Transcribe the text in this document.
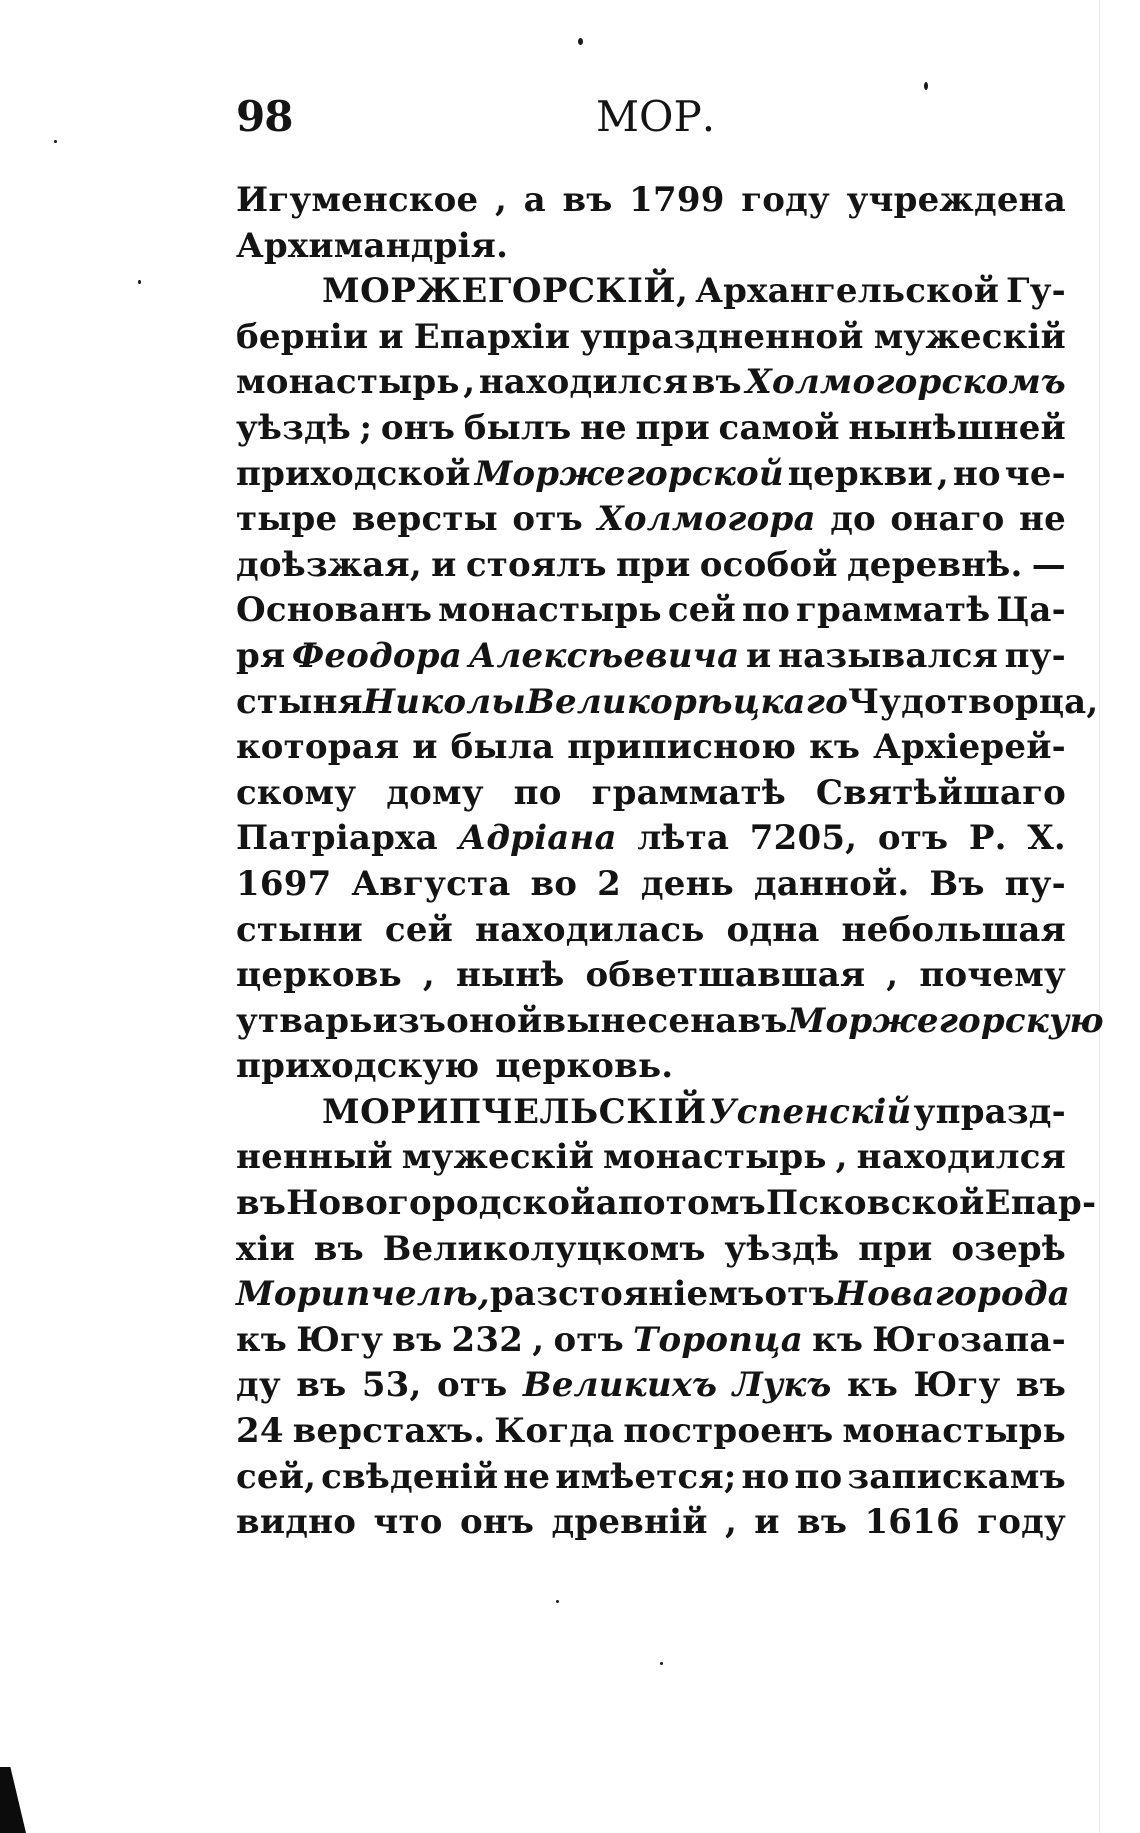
98	МОР.
Игуменское , а въ 1799 году учреждена
Архимандрія.
МОРЖЕГОРСКІЙ, Архангельской Гу-
берніи и Епархіи упраздненной мужескій
монастырь , находился въ Холмогорскомъ
уѣздѣ ; онъ былъ не при самой нынѣшней
приходской Моржегорской церкви , но че-
тыре версты отъ Холмогора до онаго не
доѣзжая, и стоялъ при особой деревнѣ. —
Основанъ монастырь сей по грамматѣ Ца-
ря Феодора Алексѣевича и назывался пу-
стыня Николы Великорѣцкаго Чудотворца,
которая и была приписною къ Архіерей-
скому дому по грамматѣ Святѣйшаго
Патріарха Адріана лѣта 7205, отъ Р. Х.
1697 Августа во 2 день данной. Въ пу-
стыни сей находилась одна небольшая
церковь , нынѣ обветшавшая , почему
утварь изъ оной вынесена въ Моржегорскую
приходскую церковь.
МОРИПЧЕЛЬСКІЙ Успенскій упразд-
ненный мужескій монастырь , находился
въ Новогородской а потомъ Псковской Епар-
хіи въ Великолуцкомъ уѣздѣ при озерѣ
Морипчелѣ, разстояніемъ отъ Нова города
къ Югу въ 232 , отъ Торопца къ Югозапа-
ду въ 53, отъ Великихъ Лукъ къ Югу въ
24 верстахъ. Когда построенъ монастырь
сей, свѣденій не имѣется; но по запискамъ
видно что онъ древній , и въ 1616 году
